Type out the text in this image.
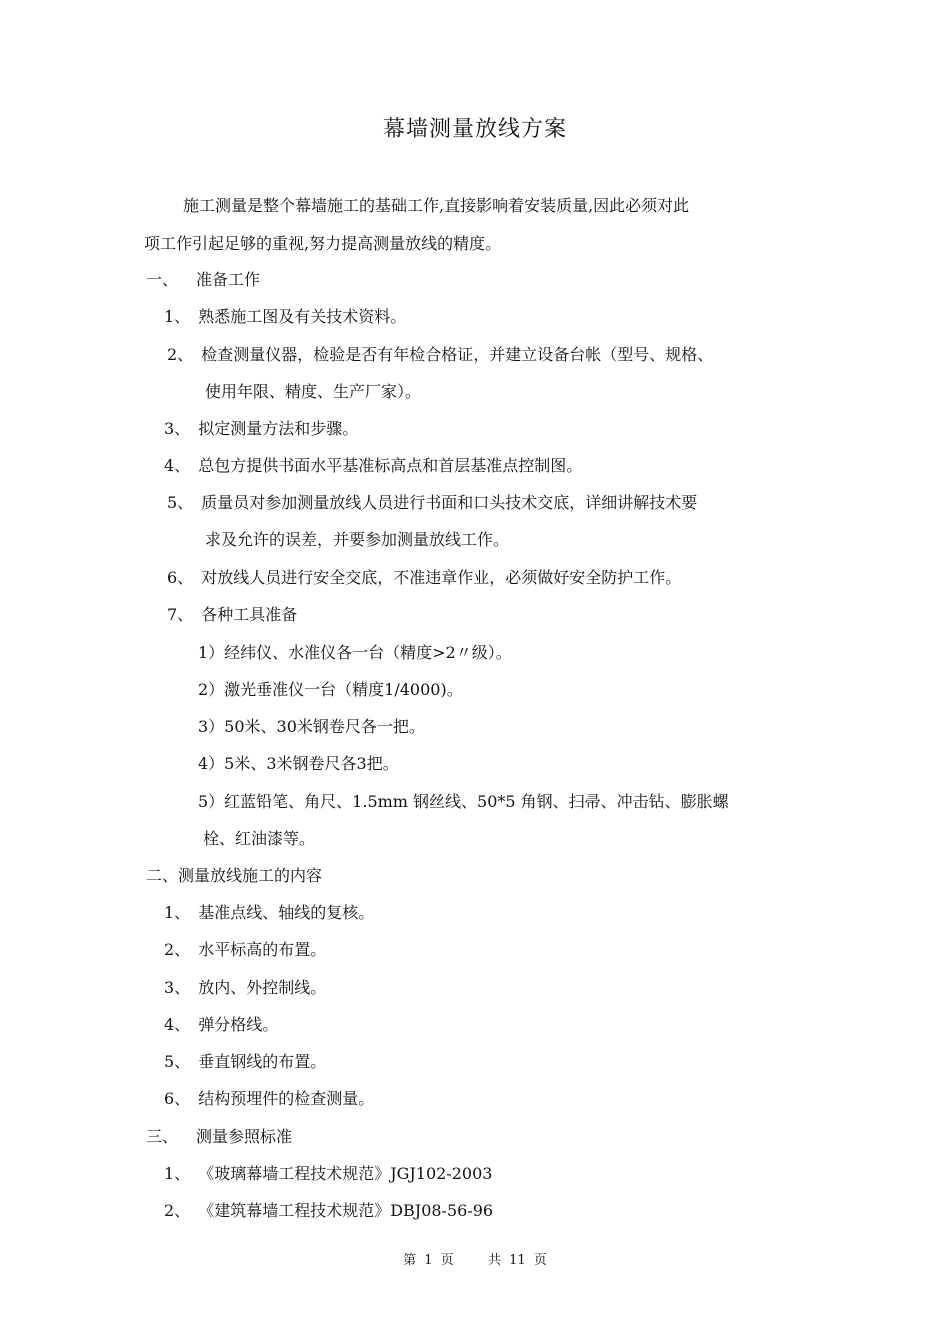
幕墙测量放线方案
施工测量是整个幕墙施工的基础工作,直接影响着安装质量,因此必须对此
项工作引起足够的重视,努力提高测量放线的精度。
一、 准备工作
1、 熟悉施工图及有关技术资料。
2、 检查测量仪器，检验是否有年检合格证，并建立设备台帐（型号、规格、
使用年限、精度、生产厂家）。
3、 拟定测量方法和步骤。
4、 总包方提供书面水平基准标高点和首层基准点控制图。
5、 质量员对参加测量放线人员进行书面和口头技术交底，详细讲解技术要
求及允许的误差，并要参加测量放线工作。
6、 对放线人员进行安全交底，不准违章作业，必须做好安全防护工作。
7、 各种工具准备
1）经纬仪、水准仪各一台（精度>2〃级）。
2）激光垂准仪一台（精度1/4000)。
3）50米、30米钢卷尺各一把。
4）5米、3米钢卷尺各3把。
5）红蓝铅笔、角尺、1.5mm 钢丝线、50*5 角钢、扫帚、冲击钻、膨胀螺
栓、红油漆等。
二、测量放线施工的内容
1、 基准点线、轴线的复核。
2、 水平标高的布置。
3、 放内、外控制线。
4、 弹分格线。
5、 垂直钢线的布置。
6、 结构预埋件的检查测量。
三、 测量参照标准
1、 《玻璃幕墙工程技术规范》JGJ102-2003
2、 《建筑幕墙工程技术规范》DBJ08-56-96
第 1 页	共 11 页
